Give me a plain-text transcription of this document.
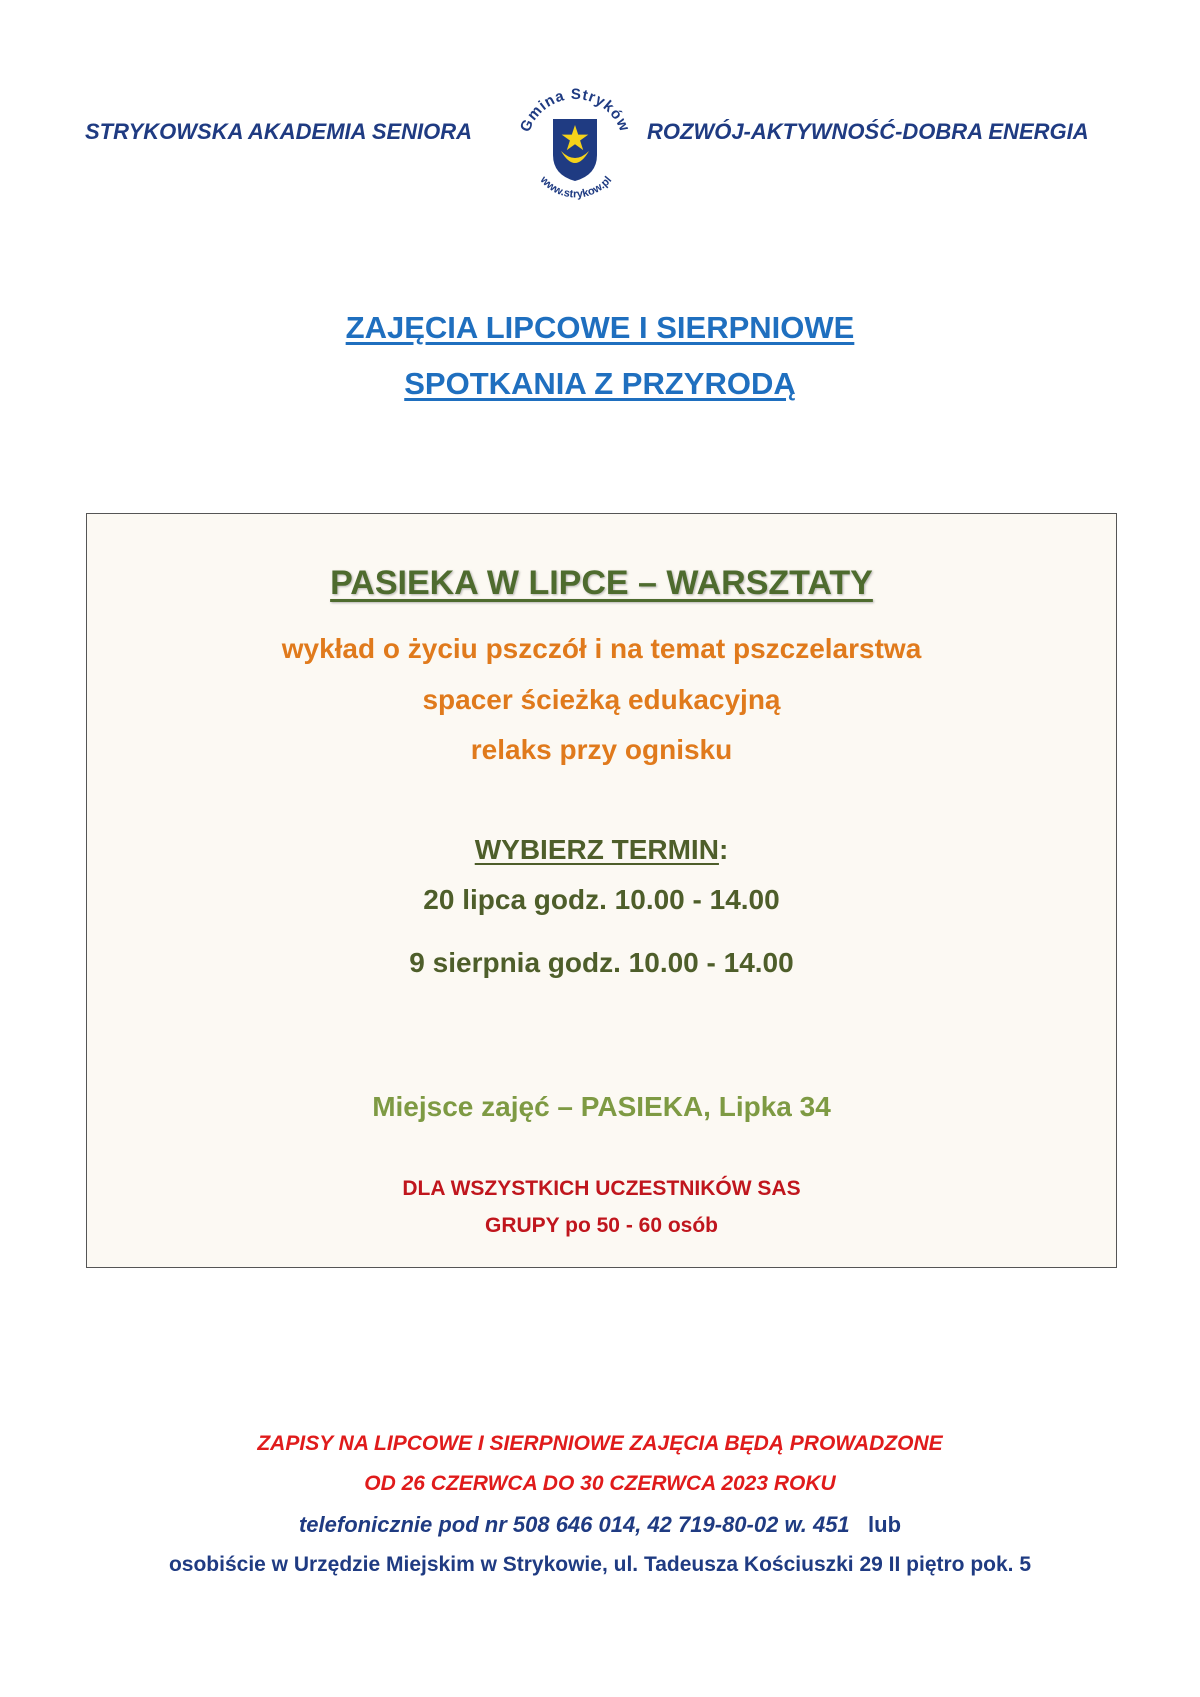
STRYKOWSKA AKADEMIA SENIORA	Gmina Stryków
www.strykow.pl
ROZWÓJ-AKTYWNOŚĆ-DOBRA ENERGIA
ZAJĘCIA LIPCOWE I SIERPNIOWE
SPOTKANIA Z PRZYRODĄ
PASIEKA W LIPCE – WARSZTATY
wykład o życiu pszczół i na temat pszczelarstwa
spacer ścieżką edukacyjną
relaks przy ognisku
WYBIERZ TERMIN:
20 lipca godz. 10.00 - 14.00
9 sierpnia godz. 10.00 - 14.00
Miejsce zajęć – PASIEKA, Lipka 34
DLA WSZYSTKICH UCZESTNIKÓW SAS
GRUPY po 50 - 60 osób
ZAPISY NA LIPCOWE I SIERPNIOWE ZAJĘCIA BĘDĄ PROWADZONE
OD 26 CZERWCA DO 30 CZERWCA 2023 ROKU
telefonicznie pod nr 508 646 014, 42 719-80-02 w. 451 lub
osobiście w Urzędzie Miejskim w Strykowie, ul. Tadeusza Kościuszki 29 II piętro pok. 5
